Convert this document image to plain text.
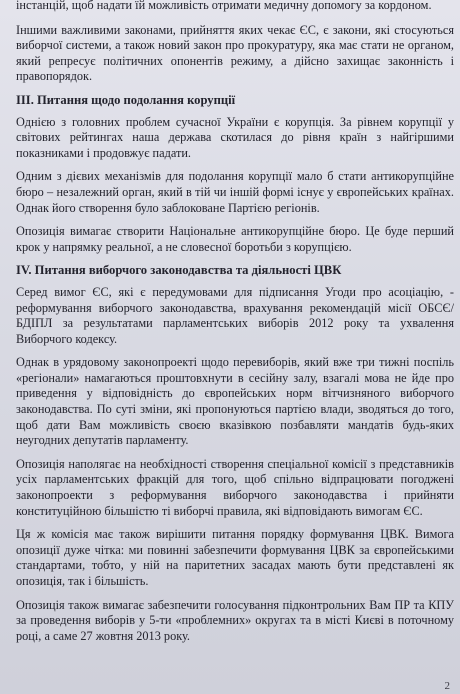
інстанцій, щоб надати їй можливість отримати медичну допомогу за кордоном.

Іншими важливими законами, прийняття яких чекає ЄС, є закони, які стосуються виборчої системи, а також новий закон про прокуратуру, яка має стати не органом, який репресує політичних опонентів режиму, а дійсно захищає законність і правопорядок.

ІІІ. Питання щодо подолання корупції

Однією з головних проблем сучасної України є корупція. За рівнем корупції у світових рейтингах наша держава скотилася до рівня країн з найгіршими показниками і продовжує падати.

Одним з дієвих механізмів для подолання корупції мало б стати антикорупційне бюро – незалежний орган, який в тій чи іншій формі існує у європейських країнах. Однак його створення було заблоковане Партією регіонів.

Опозиція вимагає створити Національне антикорупційне бюро. Це буде перший крок у напрямку реальної, а не словесної боротьби з корупцією.

IV. Питання виборчого законодавства та діяльності ЦВК

Серед вимог ЄС, які є передумовами для підписання Угоди про асоціацію, - реформування виборчого законодавства, врахування рекомендацій місії ОБСЄ/БДІПЛ за результатами парламентських виборів 2012 року та ухвалення Виборчого кодексу.

Однак в урядовому законопроекті щодо перевиборів, який вже три тижні поспіль «регіонали» намагаються проштовхнути в сесійну залу, взагалі мова не йде про приведення у відповідність до європейських норм вітчизняного виборчого законодавства. По суті зміни, які пропонуються партією влади, зводяться до того, щоб дати Вам можливість своєю вказівкою позбавляти мандатів будь-яких неугодних депутатів парламенту.

Опозиція наполягає на необхідності створення спеціальної комісії з представників усіх парламентських фракцій для того, щоб спільно відпрацювати погоджені законопроекти з реформування виборчого законодавства і прийняти конституційною більшістю ті виборчі правила, які відповідають вимогам ЄС.

Ця ж комісія має також вирішити питання порядку формування ЦВК. Вимога опозиції дуже чітка: ми повинні забезпечити формування ЦВК за європейськими стандартами, тобто, у ній на паритетних засадах мають бути представлені як опозиція, так і більшість.

Опозиція також вимагає забезпечити голосування підконтрольних Вам ПР та КПУ за проведення виборів у 5-ти «проблемних» округах та в місті Києві в поточному році, а саме 27 жовтня 2013 року.

2
